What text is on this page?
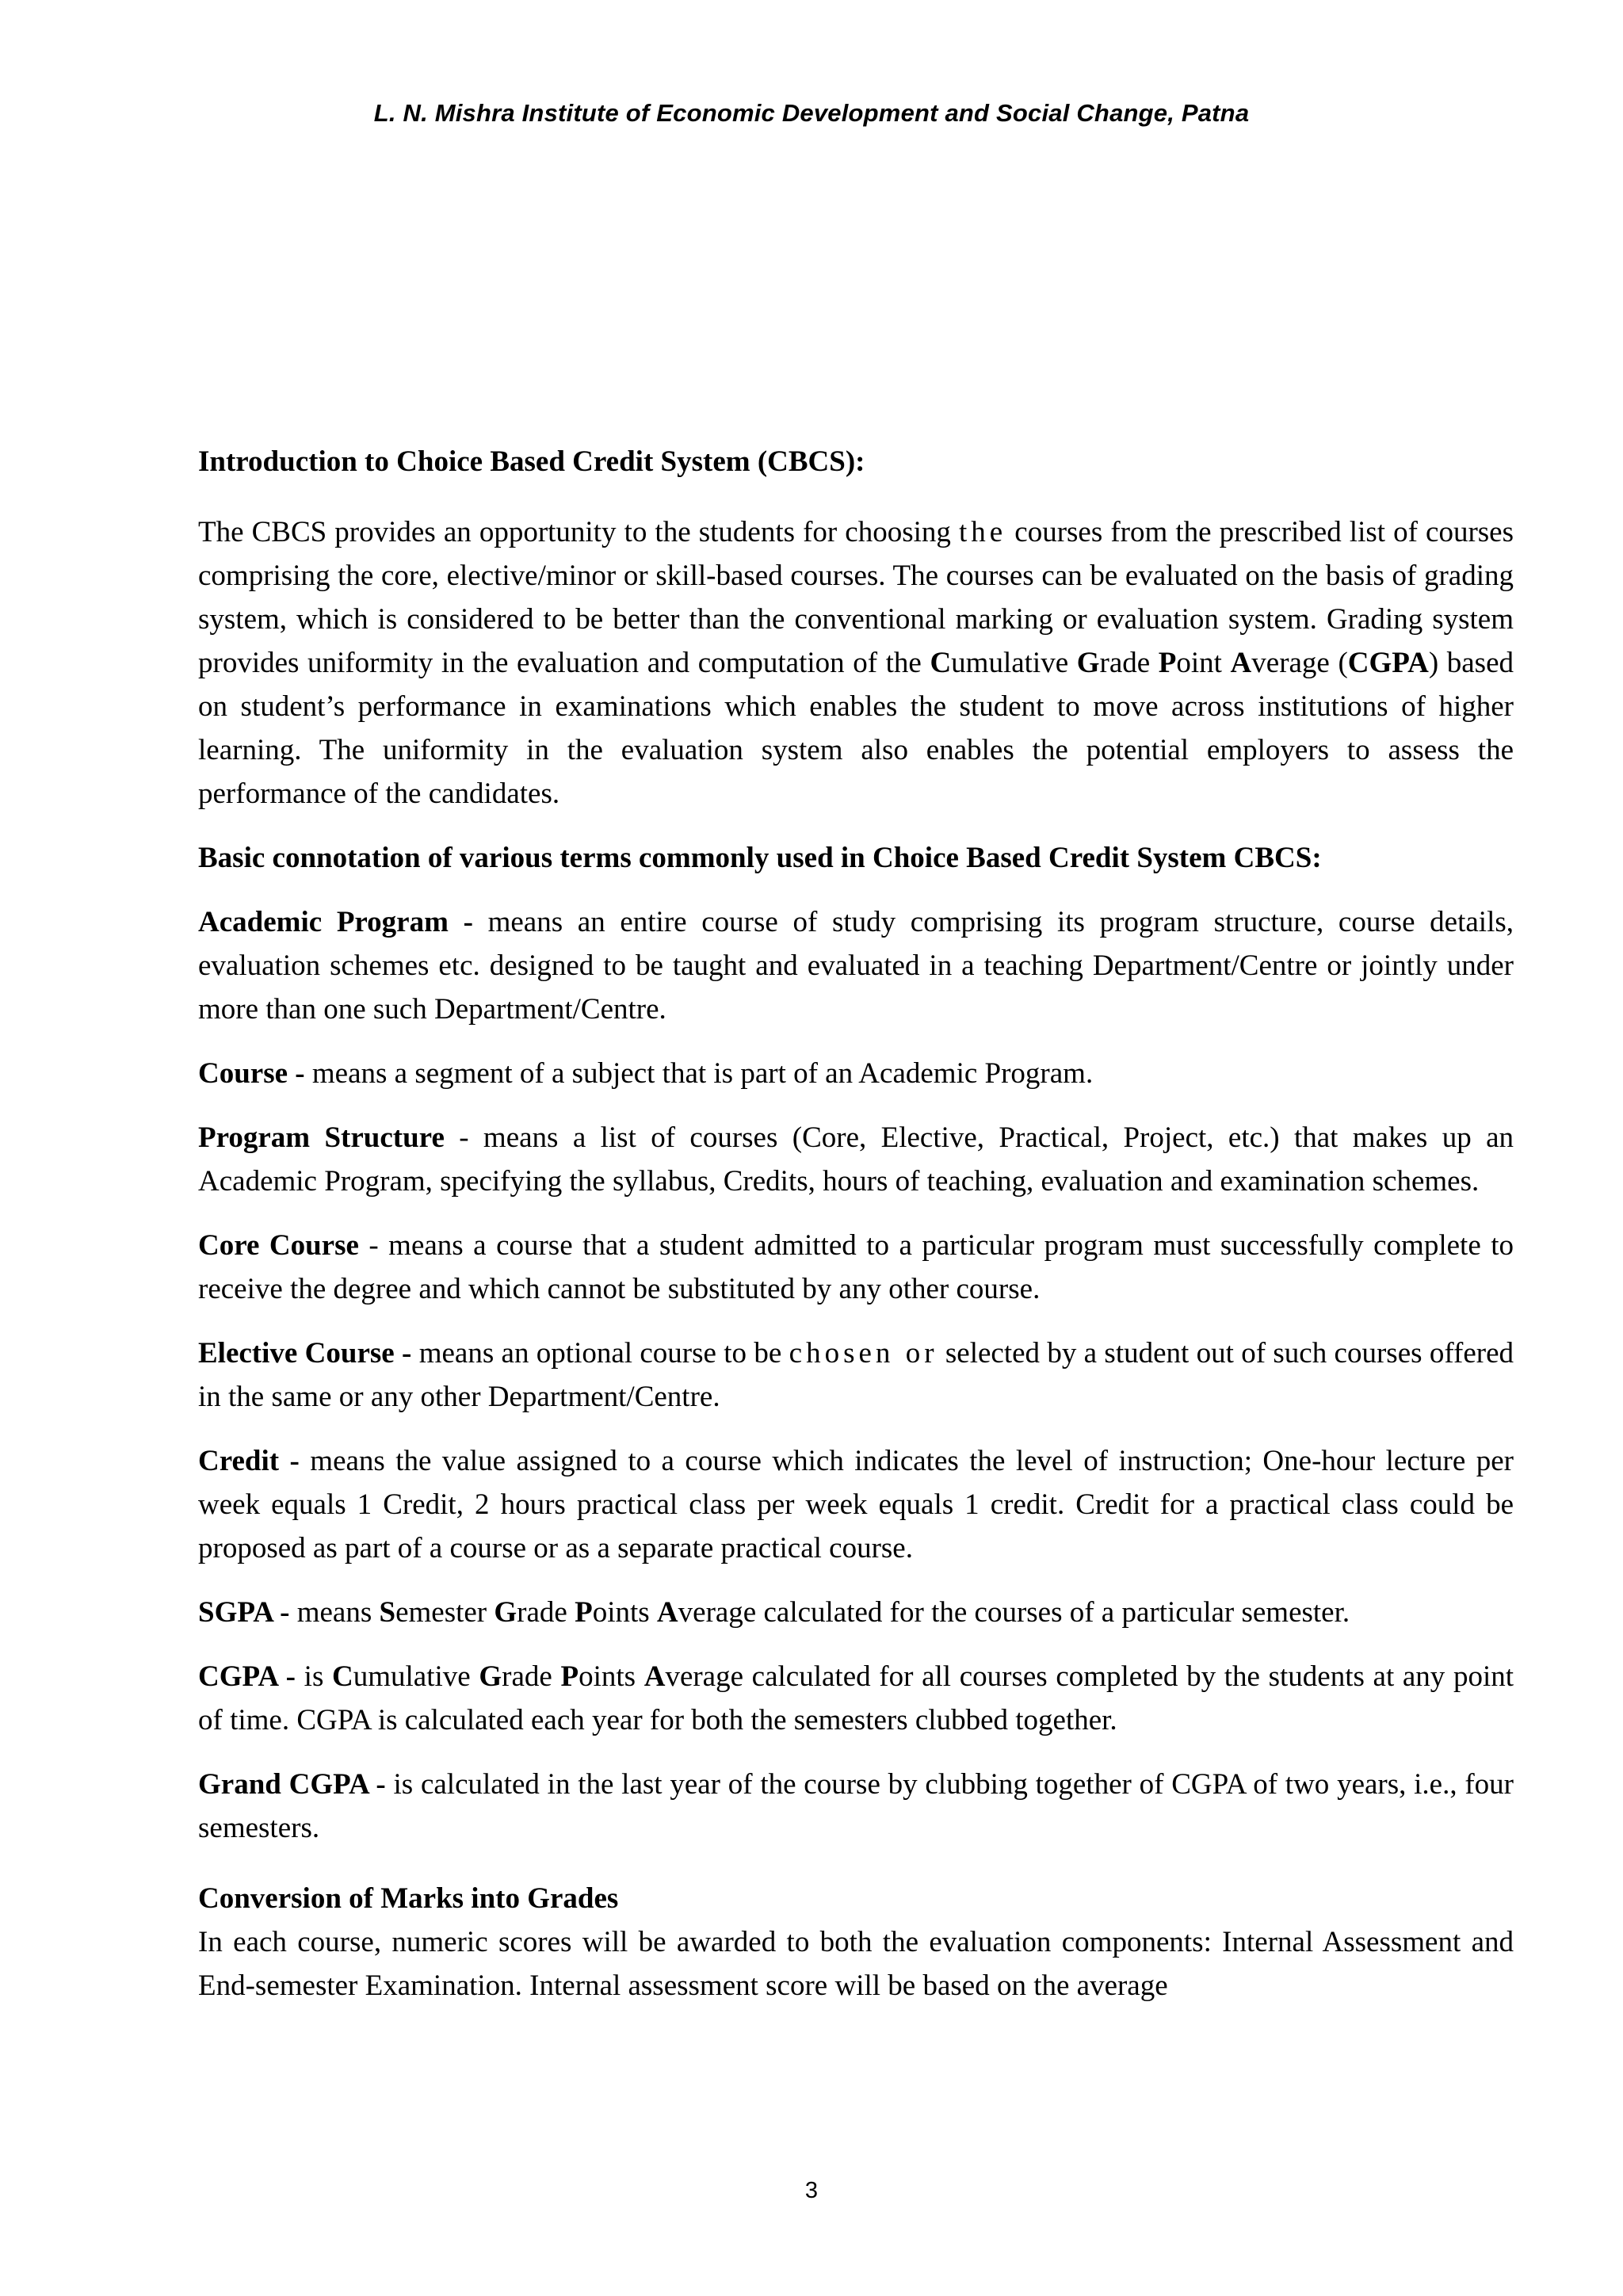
L. N. Mishra Institute of Economic Development and Social Change, Patna
Introduction to Choice Based Credit System (CBCS):

The CBCS provides an opportunity to the students for choosing the courses from the prescribed list of courses comprising the core, elective/minor or skill-based courses. The courses can be evaluated on the basis of grading system, which is considered to be better than the conventional marking or evaluation system. Grading system provides uniformity in the evaluation and computation of the Cumulative Grade Point Average (CGPA) based on student’s performance in examinations which enables the student to move across institutions of higher learning. The uniformity in the evaluation system also enables the potential employers to assess the performance of the candidates.

Basic connotation of various terms commonly used in Choice Based Credit System CBCS:

Academic Program - means an entire course of study comprising its program structure, course details, evaluation schemes etc. designed to be taught and evaluated in a teaching Department/Centre or jointly under more than one such Department/Centre.

Course - means a segment of a subject that is part of an Academic Program.

Program Structure - means a list of courses (Core, Elective, Practical, Project, etc.) that makes up an Academic Program, specifying the syllabus, Credits, hours of teaching, evaluation and examination schemes.

Core Course - means a course that a student admitted to a particular program must successfully complete to receive the degree and which cannot be substituted by any other course.

Elective Course - means an optional course to be chosen or selected by a student out of such courses offered in the same or any other Department/Centre.

Credit - means the value assigned to a course which indicates the level of instruction; One-hour lecture per week equals 1 Credit, 2 hours practical class per week equals 1 credit. Credit for a practical class could be proposed as part of a course or as a separate practical course.

SGPA - means Semester Grade Points Average calculated for the courses of a particular semester.

CGPA - is Cumulative Grade Points Average calculated for all courses completed by the students at any point of time. CGPA is calculated each year for both the semesters clubbed together.

Grand CGPA - is calculated in the last year of the course by clubbing together of CGPA of two years, i.e., four semesters.

Conversion of Marks into Grades

In each course, numeric scores will be awarded to both the evaluation components: Internal Assessment and End-semester Examination. Internal assessment score will be based on the average

3
